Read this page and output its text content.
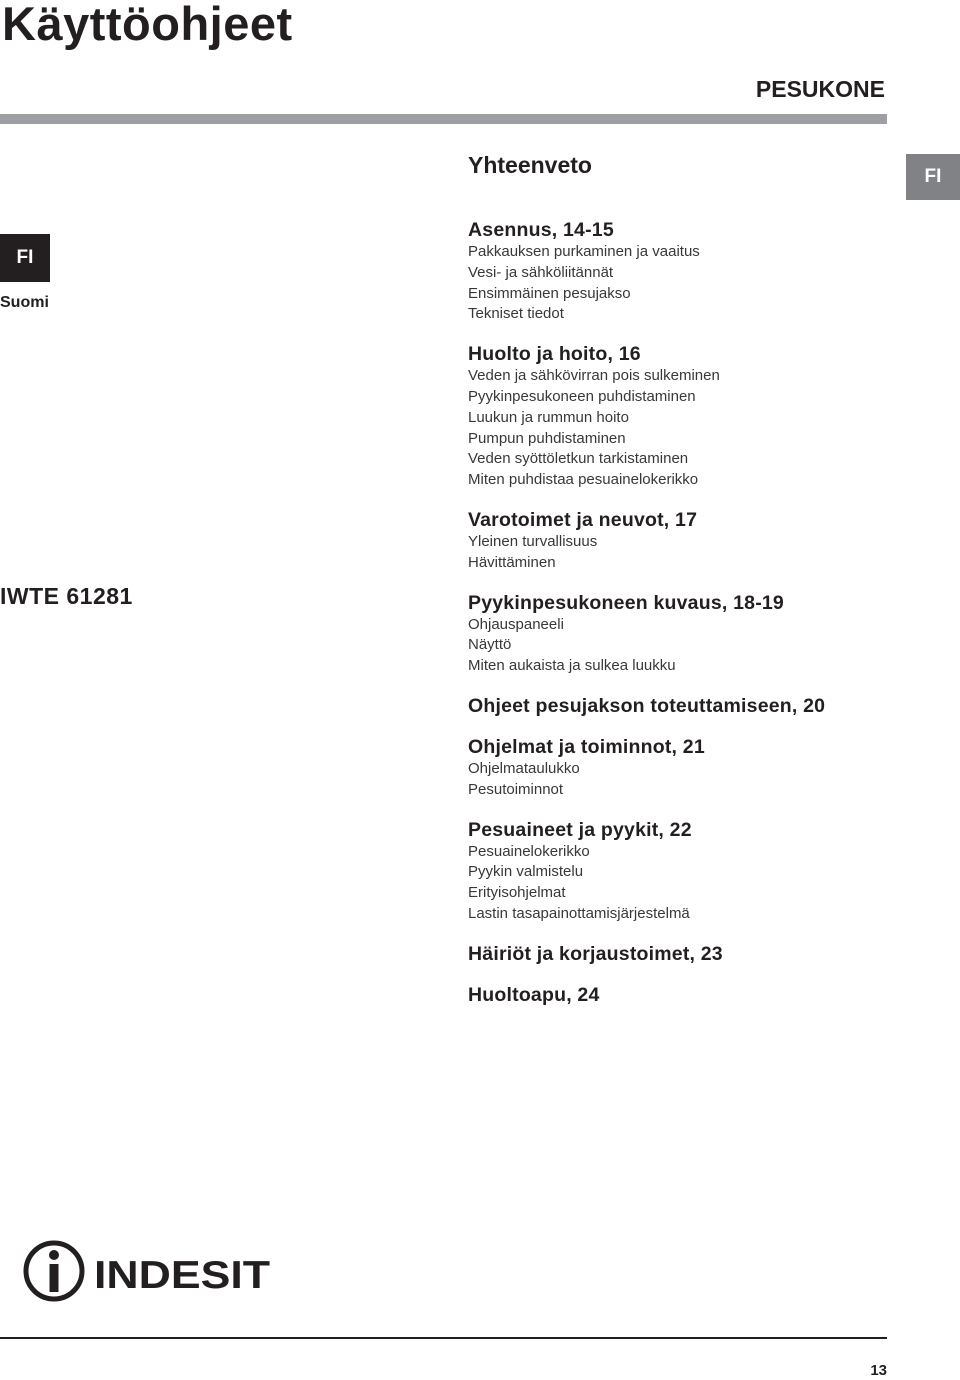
Käyttöohjeet
PESUKONE
Yhteenveto	FI
FI
Suomi
IWTE 61281
Asennus, 14-15
Pakkauksen purkaminen ja vaaitus
Vesi- ja sähköliitännät
Ensimmäinen pesujakso
Tekniset tiedot
Huolto ja hoito, 16
Veden ja sähkövirran pois sulkeminen
Pyykinpesukoneen puhdistaminen
Luukun ja rummun hoito
Pumpun puhdistaminen
Veden syöttöletkun tarkistaminen
Miten puhdistaa pesuainelokerikko
Varotoimet ja neuvot, 17
Yleinen turvallisuus
Hävittäminen
Pyykinpesukoneen kuvaus, 18-19
Ohjauspaneeli
Näyttö
Miten aukaista ja sulkea luukku
Ohjeet pesujakson toteuttamiseen, 20
Ohjelmat ja toiminnot, 21
Ohjelmataulukko
Pesutoiminnot
Pesuaineet ja pyykit, 22
Pesuainelokerikko
Pyykin valmistelu
Erityisohjelmat
Lastin tasapainottamisjärjestelmä
Häiriöt ja korjaustoimet, 23
Huoltoapu, 24
INDESIT
13
